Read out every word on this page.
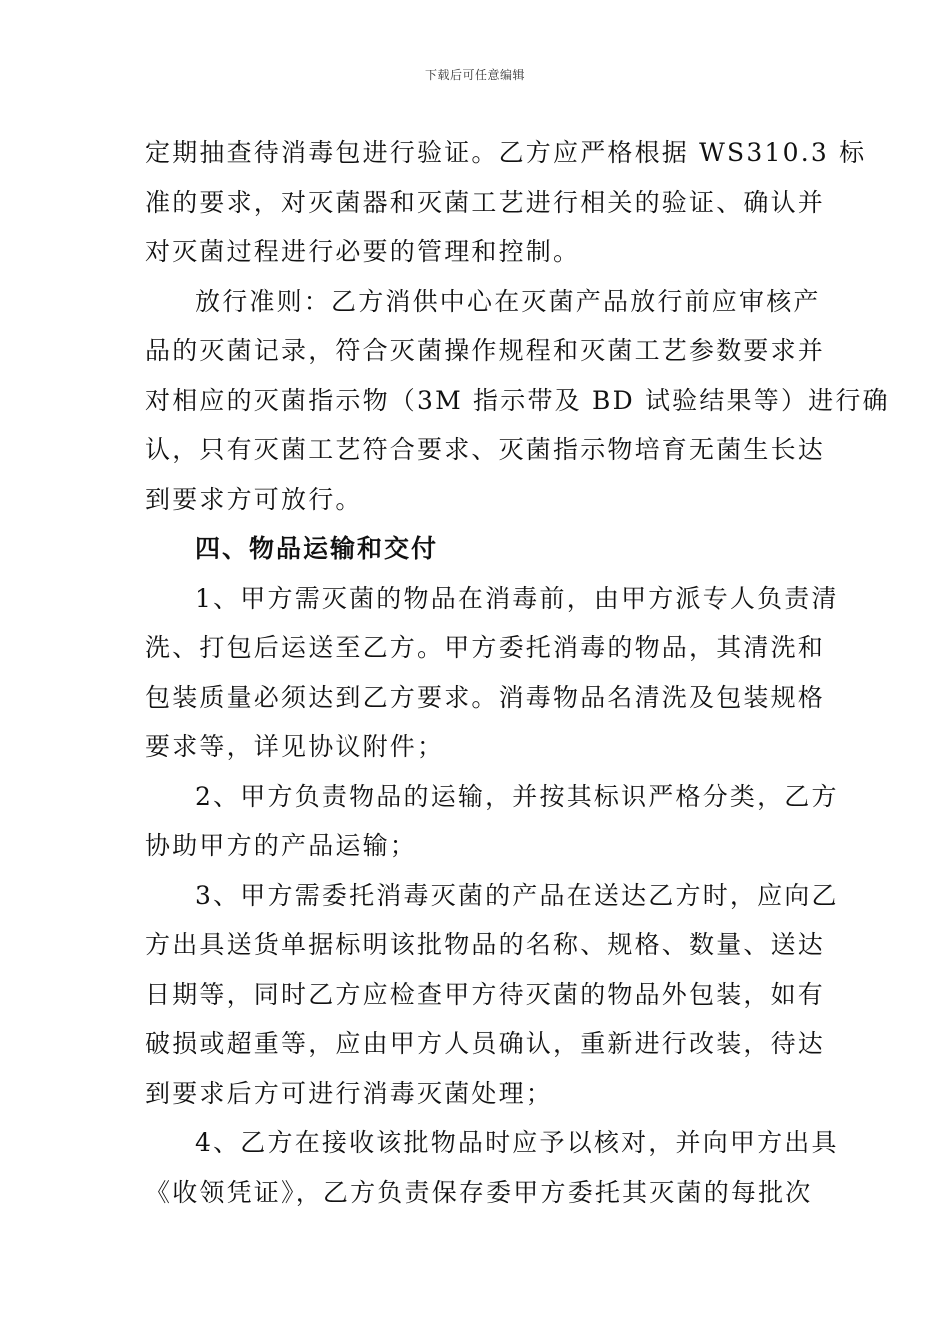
下载后可任意编辑
定期抽查待消毒包进行验证。乙方应严格根据 WS310.3 标
准的要求，对灭菌器和灭菌工艺进行相关的验证、确认并
对灭菌过程进行必要的管理和控制。
放行准则：乙方消供中心在灭菌产品放行前应审核产
品的灭菌记录，符合灭菌操作规程和灭菌工艺参数要求并
对相应的灭菌指示物（3M 指示带及 BD 试验结果等）进行确
认，只有灭菌工艺符合要求、灭菌指示物培育无菌生长达
到要求方可放行。
四、物品运输和交付
1、甲方需灭菌的物品在消毒前，由甲方派专人负责清
洗、打包后运送至乙方。甲方委托消毒的物品，其清洗和
包装质量必须达到乙方要求。消毒物品名清洗及包装规格
要求等，详见协议附件；
2、甲方负责物品的运输，并按其标识严格分类，乙方
协助甲方的产品运输；
3、甲方需委托消毒灭菌的产品在送达乙方时，应向乙
方出具送货单据标明该批物品的名称、规格、数量、送达
日期等，同时乙方应检查甲方待灭菌的物品外包装，如有
破损或超重等，应由甲方人员确认，重新进行改装，待达
到要求后方可进行消毒灭菌处理；
4、乙方在接收该批物品时应予以核对，并向甲方出具
《收领凭证》，乙方负责保存委甲方委托其灭菌的每批次
